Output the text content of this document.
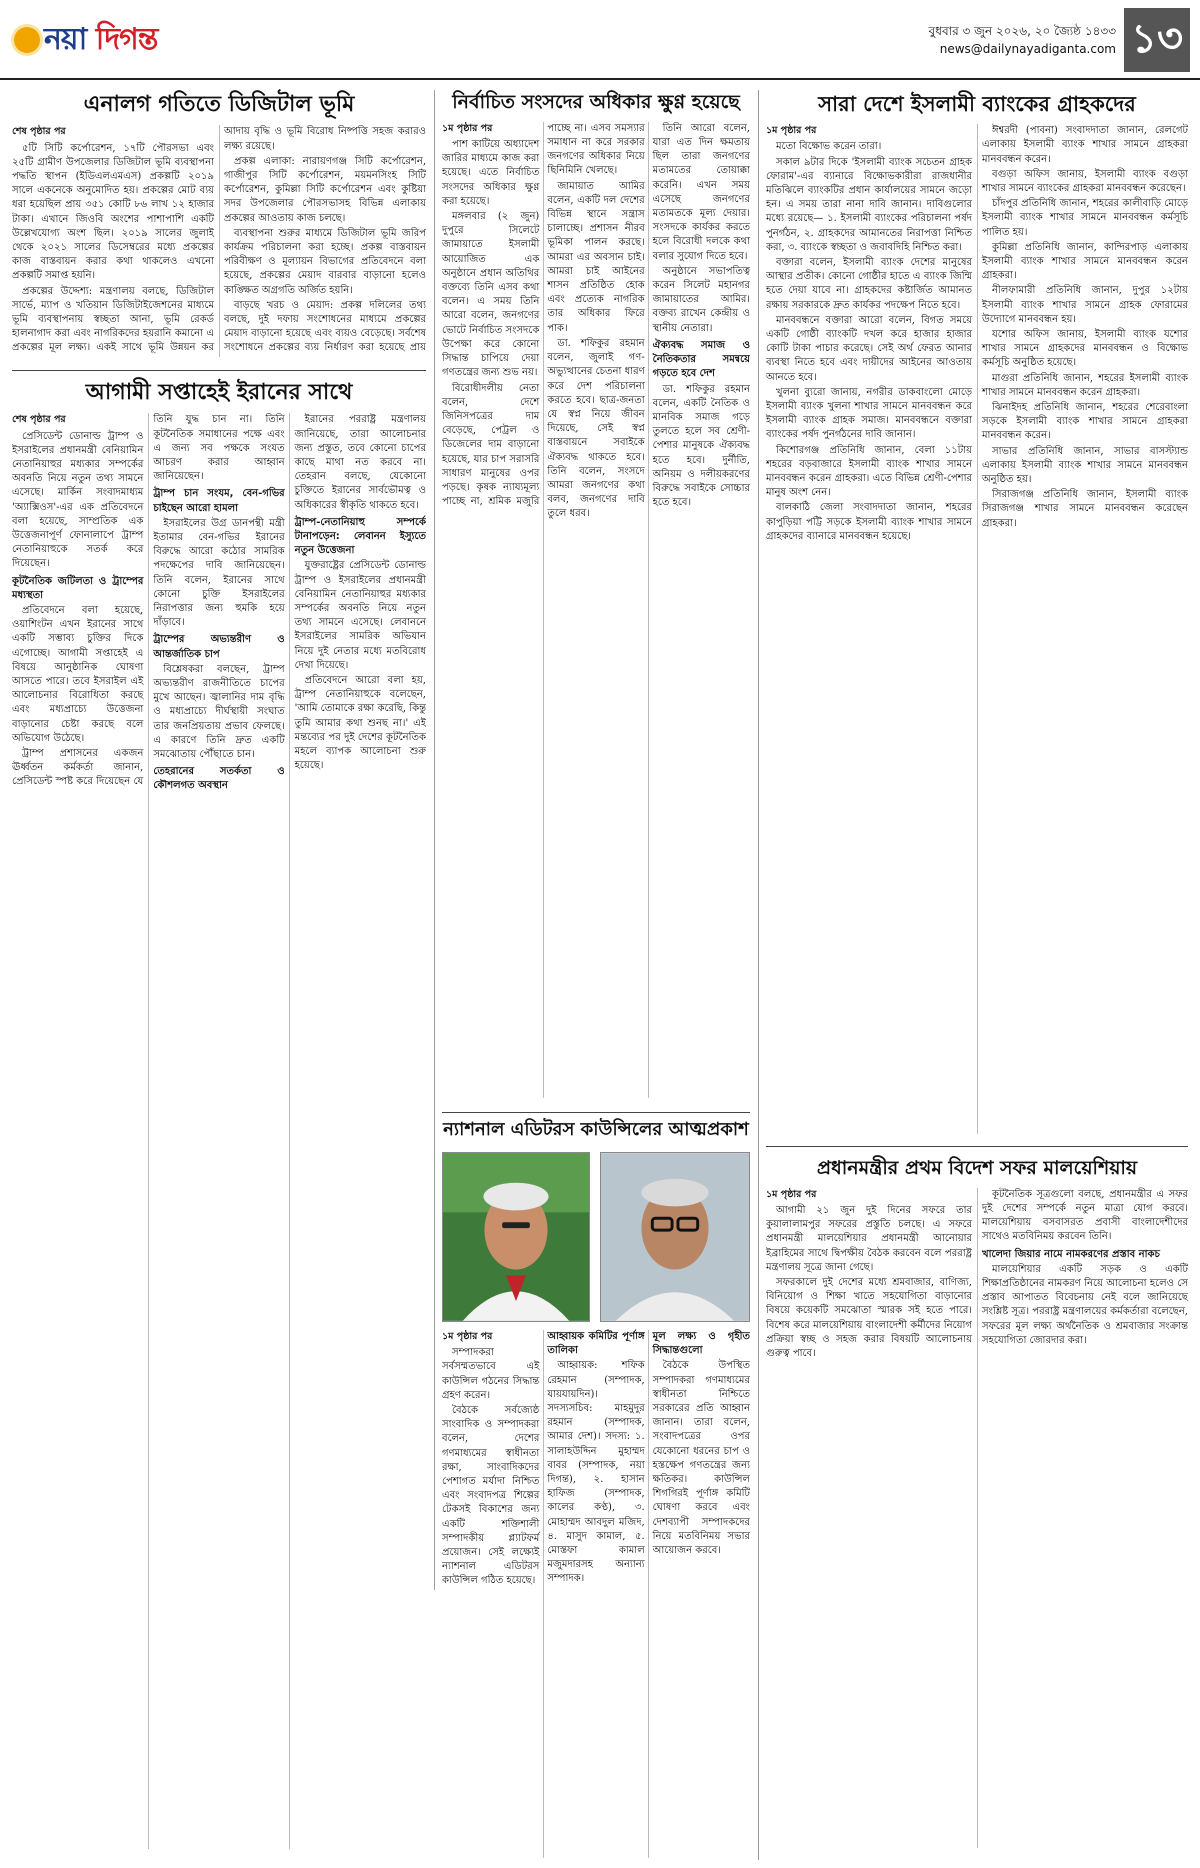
নয়া দিগন্ত	বুধবার ৩ জুন ২০২৬, ২০ জ্যৈষ্ঠ ১৪৩৩
news@dailynayadiganta.com ১৩
এনালগ গতিতে ডিজিটাল ভূমি
শেষ পৃষ্ঠার পর

৫টি সিটি কর্পোরেশন, ১৭টি পৌরসভা এবং ২৫টি গ্রামীণ উপজেলার ডিজিটাল ভূমি ব্যবস্থাপনা পদ্ধতি স্থাপন (ইডিএলএমএস) প্রকল্পটি ২০১৯ সালে একনেকে অনুমোদিত হয়। প্রকল্পের মোট ব্যয় ধরা হয়েছিল প্রায় ৩৫১ কোটি ৮৬ লাখ ১২ হাজার টাকা। এখানে জিওবি অংশের পাশাপাশি একটি উল্লেখযোগ্য অংশ ছিল। ২০১৯ সালের জুলাই থেকে ২০২১ সালের ডিসেম্বরের মধ্যে প্রকল্পের কাজ বাস্তবায়ন করার কথা থাকলেও এখনো প্রকল্পটি সমাপ্ত হয়নি।

প্রকল্পের উদ্দেশ্য: মন্ত্রণালয় বলছে, ডিজিটাল সার্ভে, ম্যাপ ও খতিয়ান ডিজিটাইজেশনের মাধ্যমে ভূমি ব্যবস্থাপনায় স্বচ্ছতা আনা, ভূমি রেকর্ড হালনাগাদ করা এবং নাগরিকদের হয়রানি কমানো এ প্রকল্পের মূল লক্ষ্য। একই সাথে ভূমি উন্নয়ন কর আদায় বৃদ্ধি ও ভূমি বিরোধ নিষ্পত্তি সহজ করারও লক্ষ্য রয়েছে।

প্রকল্প এলাকা: নারায়ণগঞ্জ সিটি কর্পোরেশন, গাজীপুর সিটি কর্পোরেশন, ময়মনসিংহ সিটি কর্পোরেশন, কুমিল্লা সিটি কর্পোরেশন এবং কুষ্টিয়া সদর উপজেলার পৌরসভাসহ বিভিন্ন এলাকায় প্রকল্পের আওতায় কাজ চলছে।

ব্যবস্থাপনা শুরুর মাধ্যমে ডিজিটাল ভূমি জরিপ কার্যক্রম পরিচালনা করা হচ্ছে। প্রকল্প বাস্তবায়ন পরিবীক্ষণ ও মূল্যায়ন বিভাগের প্রতিবেদনে বলা হয়েছে, প্রকল্পের মেয়াদ বারবার বাড়ানো হলেও কাঙ্ক্ষিত অগ্রগতি অর্জিত হয়নি।

বাড়ছে খরচ ও মেয়াদ: প্রকল্প দলিলের তথ্য বলছে, দুই দফায় সংশোধনের মাধ্যমে প্রকল্পের মেয়াদ বাড়ানো হয়েছে এবং ব্যয়ও বেড়েছে। সর্বশেষ সংশোধনে প্রকল্পের ব্যয় নির্ধারণ করা হয়েছে প্রায়

আগামী সপ্তাহেই ইরানের সাথে
শেষ পৃষ্ঠার পর

প্রেসিডেন্ট ডোনাল্ড ট্রাম্প ও ইসরাইলের প্রধানমন্ত্রী বেনিয়ামিন নেতানিয়াহুর মধ্যকার সম্পর্কের অবনতি নিয়ে নতুন তথ্য সামনে এসেছে। মার্কিন সংবাদমাধ্যম 'অ্যাক্সিওস'-এর এক প্রতিবেদনে বলা হয়েছে, সাম্প্রতিক এক উত্তেজনাপূর্ণ ফোনালাপে ট্রাম্প নেতানিয়াহুকে সতর্ক করে দিয়েছেন।

কূটনৈতিক জটিলতা ও ট্রাম্পের মধ্যস্থতা

প্রতিবেদনে বলা হয়েছে, ওয়াশিংটন এখন ইরানের সাথে একটি সম্ভাব্য চুক্তির দিকে এগোচ্ছে। আগামী সপ্তাহেই এ বিষয়ে আনুষ্ঠানিক ঘোষণা আসতে পারে। তবে ইসরাইল এই আলোচনার বিরোধিতা করছে এবং মধ্যপ্রাচ্যে উত্তেজনা বাড়ানোর চেষ্টা করছে বলে অভিযোগ উঠেছে।

ট্রাম্প প্রশাসনের একজন ঊর্ধ্বতন কর্মকর্তা জানান, প্রেসিডেন্ট স্পষ্ট করে দিয়েছেন যে তিনি যুদ্ধ চান না। তিনি কূটনৈতিক সমাধানের পক্ষে এবং এ জন্য সব পক্ষকে সংযত আচরণ করার আহ্বান জানিয়েছেন।

ট্রাম্প চান সংযম, বেন-গভির চাইছেন আরো হামলা

ইসরাইলের উগ্র ডানপন্থী মন্ত্রী ইতামার বেন-গভির ইরানের বিরুদ্ধে আরো কঠোর সামরিক পদক্ষেপের দাবি জানিয়েছেন। তিনি বলেন, ইরানের সাথে কোনো চুক্তি ইসরাইলের নিরাপত্তার জন্য হুমকি হয়ে দাঁড়াবে।

ট্রাম্পের অভ্যন্তরীণ ও আন্তর্জাতিক চাপ

বিশ্লেষকরা বলছেন, ট্রাম্প অভ্যন্তরীণ রাজনীতিতে চাপের মুখে আছেন। জ্বালানির দাম বৃদ্ধি ও মধ্যপ্রাচ্যে দীর্ঘস্থায়ী সংঘাত তার জনপ্রিয়তায় প্রভাব ফেলছে। এ কারণে তিনি দ্রুত একটি সমঝোতায় পৌঁছাতে চান।

তেহরানের সতর্কতা ও কৌশলগত অবস্থান

ইরানের পররাষ্ট্র মন্ত্রণালয় জানিয়েছে, তারা আলোচনার জন্য প্রস্তুত, তবে কোনো চাপের কাছে মাথা নত করবে না। তেহরান বলছে, যেকোনো চুক্তিতে ইরানের সার্বভৌমত্ব ও অধিকারের স্বীকৃতি থাকতে হবে।

ট্রাম্প-নেতানিয়াহু সম্পর্কে টানাপড়েন: লেবানন ইস্যুতে নতুন উত্তেজনা

যুক্তরাষ্ট্রের প্রেসিডেন্ট ডোনাল্ড ট্রাম্প ও ইসরাইলের প্রধানমন্ত্রী বেনিয়ামিন নেতানিয়াহুর মধ্যকার সম্পর্কের অবনতি নিয়ে নতুন তথ্য সামনে এসেছে। লেবাননে ইসরাইলের সামরিক অভিযান নিয়ে দুই নেতার মধ্যে মতবিরোধ দেখা দিয়েছে।

প্রতিবেদনে আরো বলা হয়, ট্রাম্প নেতানিয়াহুকে বলেছেন, 'আমি তোমাকে রক্ষা করেছি, কিন্তু তুমি আমার কথা শুনছ না।' এই মন্তব্যের পর দুই দেশের কূটনৈতিক মহলে ব্যাপক আলোচনা শুরু হয়েছে।

নির্বাচিত সংসদের অধিকার ক্ষুণ্ণ হয়েছে
১ম পৃষ্ঠার পর

পাশ কাটিয়ে অধ্যাদেশ জারির মাধ্যমে কাজ করা হয়েছে। এতে নির্বাচিত সংসদের অধিকার ক্ষুণ্ণ করা হয়েছে।

মঙ্গলবার (২ জুন) দুপুরে সিলেটে জামায়াতে ইসলামী আয়োজিত এক অনুষ্ঠানে প্রধান অতিথির বক্তব্যে তিনি এসব কথা বলেন। এ সময় তিনি আরো বলেন, জনগণের ভোটে নির্বাচিত সংসদকে উপেক্ষা করে কোনো সিদ্ধান্ত চাপিয়ে দেয়া গণতন্ত্রের জন্য শুভ নয়।

বিরোধীদলীয় নেতা বলেন, দেশে জিনিসপত্রের দাম বেড়েছে, পেট্রল ও ডিজেলের দাম বাড়ানো হয়েছে, যার চাপ সরাসরি সাধারণ মানুষের ওপর পড়ছে। কৃষক ন্যায্যমূল্য পাচ্ছে না, শ্রমিক মজুরি পাচ্ছে না। এসব সমস্যার সমাধান না করে সরকার জনগণের অধিকার নিয়ে ছিনিমিনি খেলছে।

জামায়াত আমির বলেন, একটি দল দেশের বিভিন্ন স্থানে সন্ত্রাস চালাচ্ছে। প্রশাসন নীরব ভূমিকা পালন করছে। আমরা এর অবসান চাই। আমরা চাই আইনের শাসন প্রতিষ্ঠিত হোক এবং প্রত্যেক নাগরিক তার অধিকার ফিরে পাক।

ডা. শফিকুর রহমান বলেন, জুলাই গণ-অভ্যুত্থানের চেতনা ধারণ করে দেশ পরিচালনা করতে হবে। ছাত্র-জনতা যে স্বপ্ন নিয়ে জীবন দিয়েছে, সেই স্বপ্ন বাস্তবায়নে সবাইকে ঐক্যবদ্ধ থাকতে হবে। তিনি বলেন, সংসদে আমরা জনগণের কথা বলব, জনগণের দাবি তুলে ধরব।

তিনি আরো বলেন, যারা এত দিন ক্ষমতায় ছিল তারা জনগণের মতামতের তোয়াক্কা করেনি। এখন সময় এসেছে জনগণের মতামতকে মূল্য দেয়ার। সংসদকে কার্যকর করতে হলে বিরোধী দলকে কথা বলার সুযোগ দিতে হবে।

অনুষ্ঠানে সভাপতিত্ব করেন সিলেট মহানগর জামায়াতের আমির। বক্তব্য রাখেন কেন্দ্রীয় ও স্থানীয় নেতারা।

ঐক্যবদ্ধ সমাজ ও নৈতিকতার সমন্বয়ে গড়তে হবে দেশ

ডা. শফিকুর রহমান বলেন, একটি নৈতিক ও মানবিক সমাজ গড়ে তুলতে হলে সব শ্রেণী-পেশার মানুষকে ঐক্যবদ্ধ হতে হবে। দুর্নীতি, অনিয়ম ও দলীয়করণের বিরুদ্ধে সবাইকে সোচ্চার হতে হবে।

ন্যাশনাল এডিটরস কাউন্সিলের আত্মপ্রকাশ
১ম পৃষ্ঠার পর

সম্পাদকরা সর্বসম্মতভাবে এই কাউন্সিল গঠনের সিদ্ধান্ত গ্রহণ করেন।

বৈঠকে সর্বজ্যেষ্ঠ সাংবাদিক ও সম্পাদকরা বলেন, দেশের গণমাধ্যমের স্বাধীনতা রক্ষা, সাংবাদিকদের পেশাগত মর্যাদা নিশ্চিত এবং সংবাদপত্র শিল্পের টেকসই বিকাশের জন্য একটি শক্তিশালী সম্পাদকীয় প্ল্যাটফর্ম প্রয়োজন। সেই লক্ষ্যেই ন্যাশনাল এডিটরস কাউন্সিল গঠিত হয়েছে।

আহ্বায়ক কমিটির পূর্ণাঙ্গ তালিকা

আহ্বায়ক: শফিক রেহমান (সম্পাদক, যায়যায়দিন)। সদস্যসচিব: মাহমুদুর রহমান (সম্পাদক, আমার দেশ)। সদস্য: ১. সালাহউদ্দিন মুহাম্মদ বাবর (সম্পাদক, নয়া দিগন্ত), ২. হাসান হাফিজ (সম্পাদক, কালের কণ্ঠ), ৩. মোহাম্মদ আবদুল মজিদ, ৪. মাসুদ কামাল, ৫. মোস্তফা কামাল মজুমদারসহ অন্যান্য সম্পাদক।

মূল লক্ষ্য ও গৃহীত সিদ্ধান্তগুলো

বৈঠকে উপস্থিত সম্পাদকরা গণমাধ্যমের স্বাধীনতা নিশ্চিতে সরকারের প্রতি আহ্বান জানান। তারা বলেন, সংবাদপত্রের ওপর যেকোনো ধরনের চাপ ও হস্তক্ষেপ গণতন্ত্রের জন্য ক্ষতিকর। কাউন্সিল শিগগিরই পূর্ণাঙ্গ কমিটি ঘোষণা করবে এবং দেশব্যাপী সম্পাদকদের নিয়ে মতবিনিময় সভার আয়োজন করবে।

সারা দেশে ইসলামী ব্যাংকের গ্রাহকদের
১ম পৃষ্ঠার পর

মতো বিক্ষোভ করেন তারা।

সকাল ৯টার দিকে 'ইসলামী ব্যাংক সচেতন গ্রাহক ফোরাম'-এর ব্যানারে বিক্ষোভকারীরা রাজধানীর মতিঝিলে ব্যাংকটির প্রধান কার্যালয়ের সামনে জড়ো হন। এ সময় তারা নানা দাবি জানান। দাবিগুলোর মধ্যে রয়েছে— ১. ইসলামী ব্যাংকের পরিচালনা পর্ষদ পুনর্গঠন, ২. গ্রাহকদের আমানতের নিরাপত্তা নিশ্চিত করা, ৩. ব্যাংকে স্বচ্ছতা ও জবাবদিহি নিশ্চিত করা।

বক্তারা বলেন, ইসলামী ব্যাংক দেশের মানুষের আস্থার প্রতীক। কোনো গোষ্ঠীর হাতে এ ব্যাংক জিম্মি হতে দেয়া যাবে না। গ্রাহকদের কষ্টার্জিত আমানত রক্ষায় সরকারকে দ্রুত কার্যকর পদক্ষেপ নিতে হবে।

মানববন্ধনে বক্তারা আরো বলেন, বিগত সময়ে একটি গোষ্ঠী ব্যাংকটি দখল করে হাজার হাজার কোটি টাকা পাচার করেছে। সেই অর্থ ফেরত আনার ব্যবস্থা নিতে হবে এবং দায়ীদের আইনের আওতায় আনতে হবে।

খুলনা ব্যুরো জানায়, নগরীর ডাকবাংলো মোড়ে ইসলামী ব্যাংক খুলনা শাখার সামনে মানববন্ধন করে ইসলামী ব্যাংক গ্রাহক সমাজ। মানববন্ধনে বক্তারা ব্যাংকের পর্ষদ পুনর্গঠনের দাবি জানান।

কিশোরগঞ্জ প্রতিনিধি জানান, বেলা ১১টায় শহরের বড়বাজারে ইসলামী ব্যাংক শাখার সামনে মানববন্ধন করেন গ্রাহকরা। এতে বিভিন্ন শ্রেণী-পেশার মানুষ অংশ নেন।

বালকাঠি জেলা সংবাদদাতা জানান, শহরের কাপুড়িয়া পট্টি সড়কে ইসলামী ব্যাংক শাখার সামনে গ্রাহকদের ব্যানারে মানববন্ধন হয়েছে।

ঈশ্বরদী (পাবনা) সংবাদদাতা জানান, রেলগেট এলাকায় ইসলামী ব্যাংক শাখার সামনে গ্রাহকরা মানববন্ধন করেন।

বগুড়া অফিস জানায়, ইসলামী ব্যাংক বগুড়া শাখার সামনে ব্যাংকের গ্রাহকরা মানববন্ধন করেছেন।

চাঁদপুর প্রতিনিধি জানান, শহরের কালীবাড়ি মোড়ে ইসলামী ব্যাংক শাখার সামনে মানববন্ধন কর্মসূচি পালিত হয়।

কুমিল্লা প্রতিনিধি জানান, কান্দিরপাড় এলাকায় ইসলামী ব্যাংক শাখার সামনে মানববন্ধন করেন গ্রাহকরা।

নীলফামারী প্রতিনিধি জানান, দুপুর ১২টায় ইসলামী ব্যাংক শাখার সামনে গ্রাহক ফোরামের উদ্যোগে মানববন্ধন হয়।

যশোর অফিস জানায়, ইসলামী ব্যাংক যশোর শাখার সামনে গ্রাহকদের মানববন্ধন ও বিক্ষোভ কর্মসূচি অনুষ্ঠিত হয়েছে।

মাগুরা প্রতিনিধি জানান, শহরের ইসলামী ব্যাংক শাখার সামনে মানববন্ধন করেন গ্রাহকরা।

ঝিনাইদহ প্রতিনিধি জানান, শহরের শেরেবাংলা সড়কে ইসলামী ব্যাংক শাখার সামনে গ্রাহকরা মানববন্ধন করেন।

সাভার প্রতিনিধি জানান, সাভার বাসস্ট্যান্ড এলাকায় ইসলামী ব্যাংক শাখার সামনে মানববন্ধন অনুষ্ঠিত হয়।

সিরাজগঞ্জ প্রতিনিধি জানান, ইসলামী ব্যাংক সিরাজগঞ্জ শাখার সামনে মানববন্ধন করেছেন গ্রাহকরা।

প্রধানমন্ত্রীর প্রথম বিদেশ সফর মালয়েশিয়ায়
১ম পৃষ্ঠার পর

আগামী ২১ জুন দুই দিনের সফরে তার কুয়ালালামপুর সফরের প্রস্তুতি চলছে। এ সফরে প্রধানমন্ত্রী মালয়েশিয়ার প্রধানমন্ত্রী আনোয়ার ইব্রাহিমের সাথে দ্বিপক্ষীয় বৈঠক করবেন বলে পররাষ্ট্র মন্ত্রণালয় সূত্রে জানা গেছে।

সফরকালে দুই দেশের মধ্যে শ্রমবাজার, বাণিজ্য, বিনিয়োগ ও শিক্ষা খাতে সহযোগিতা বাড়ানোর বিষয়ে কয়েকটি সমঝোতা স্মারক সই হতে পারে। বিশেষ করে মালয়েশিয়ায় বাংলাদেশী কর্মীদের নিয়োগ প্রক্রিয়া স্বচ্ছ ও সহজ করার বিষয়টি আলোচনায় গুরুত্ব পাবে।

কূটনৈতিক সূত্রগুলো বলছে, প্রধানমন্ত্রীর এ সফর দুই দেশের সম্পর্কে নতুন মাত্রা যোগ করবে। মালয়েশিয়ায় বসবাসরত প্রবাসী বাংলাদেশীদের সাথেও মতবিনিময় করবেন তিনি।

খালেদা জিয়ার নামে নামকরণের প্রস্তাব নাকচ

মালয়েশিয়ার একটি সড়ক ও একটি শিক্ষাপ্রতিষ্ঠানের নামকরণ নিয়ে আলোচনা হলেও সে প্রস্তাব আপাতত বিবেচনায় নেই বলে জানিয়েছে সংশ্লিষ্ট সূত্র। পররাষ্ট্র মন্ত্রণালয়ের কর্মকর্তারা বলেছেন, সফরের মূল লক্ষ্য অর্থনৈতিক ও শ্রমবাজার সংক্রান্ত সহযোগিতা জোরদার করা।
